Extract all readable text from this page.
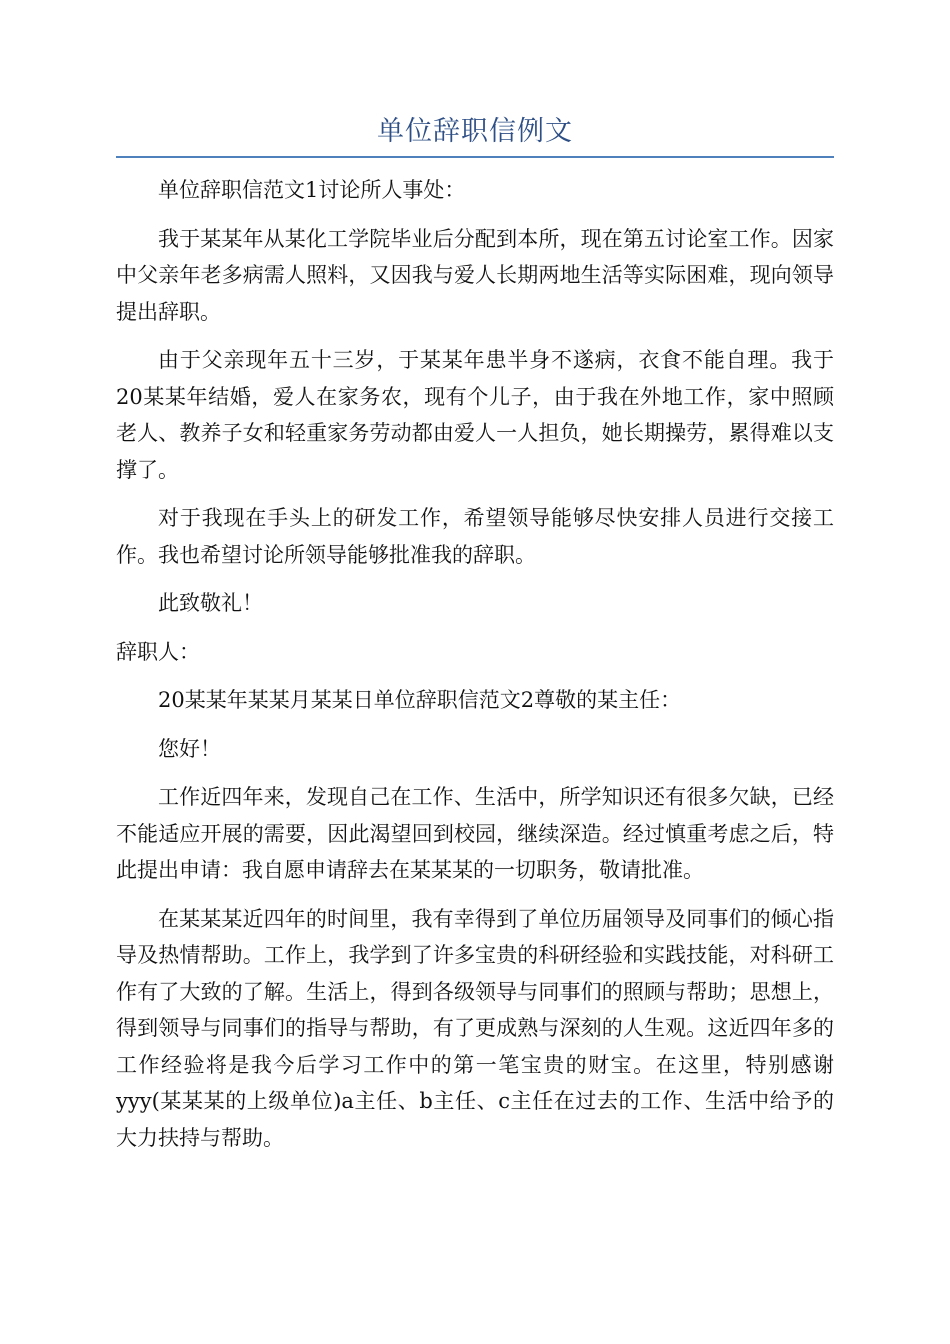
单位辞职信例文

单位辞职信范文1讨论所人事处：

我于某某年从某化工学院毕业后分配到本所，现在第五讨论室工作。因家中父亲年老多病需人照料，又因我与爱人长期两地生活等实际困难，现向领导提出辞职。

由于父亲现年五十三岁，于某某年患半身不遂病，衣食不能自理。我于20某某年结婚，爱人在家务农，现有个儿子，由于我在外地工作，家中照顾老人、教养子女和轻重家务劳动都由爱人一人担负，她长期操劳，累得难以支撑了。

对于我现在手头上的研发工作，希望领导能够尽快安排人员进行交接工作。我也希望讨论所领导能够批准我的辞职。

此致敬礼！

辞职人：

20某某年某某月某某日单位辞职信范文2尊敬的某主任：

您好！

工作近四年来，发现自己在工作、生活中，所学知识还有很多欠缺，已经不能适应开展的需要，因此渴望回到校园，继续深造。经过慎重考虑之后，特此提出申请：我自愿申请辞去在某某某的一切职务，敬请批准。

在某某某近四年的时间里，我有幸得到了单位历届领导及同事们的倾心指导及热情帮助。工作上，我学到了许多宝贵的科研经验和实践技能，对科研工作有了大致的了解。生活上，得到各级领导与同事们的照顾与帮助；思想上，得到领导与同事们的指导与帮助，有了更成熟与深刻的人生观。这近四年多的工作经验将是我今后学习工作中的第一笔宝贵的财宝。在这里，特别感谢yyy(某某某的上级单位)a主任、b主任、c主任在过去的工作、生活中给予的大力扶持与帮助。
